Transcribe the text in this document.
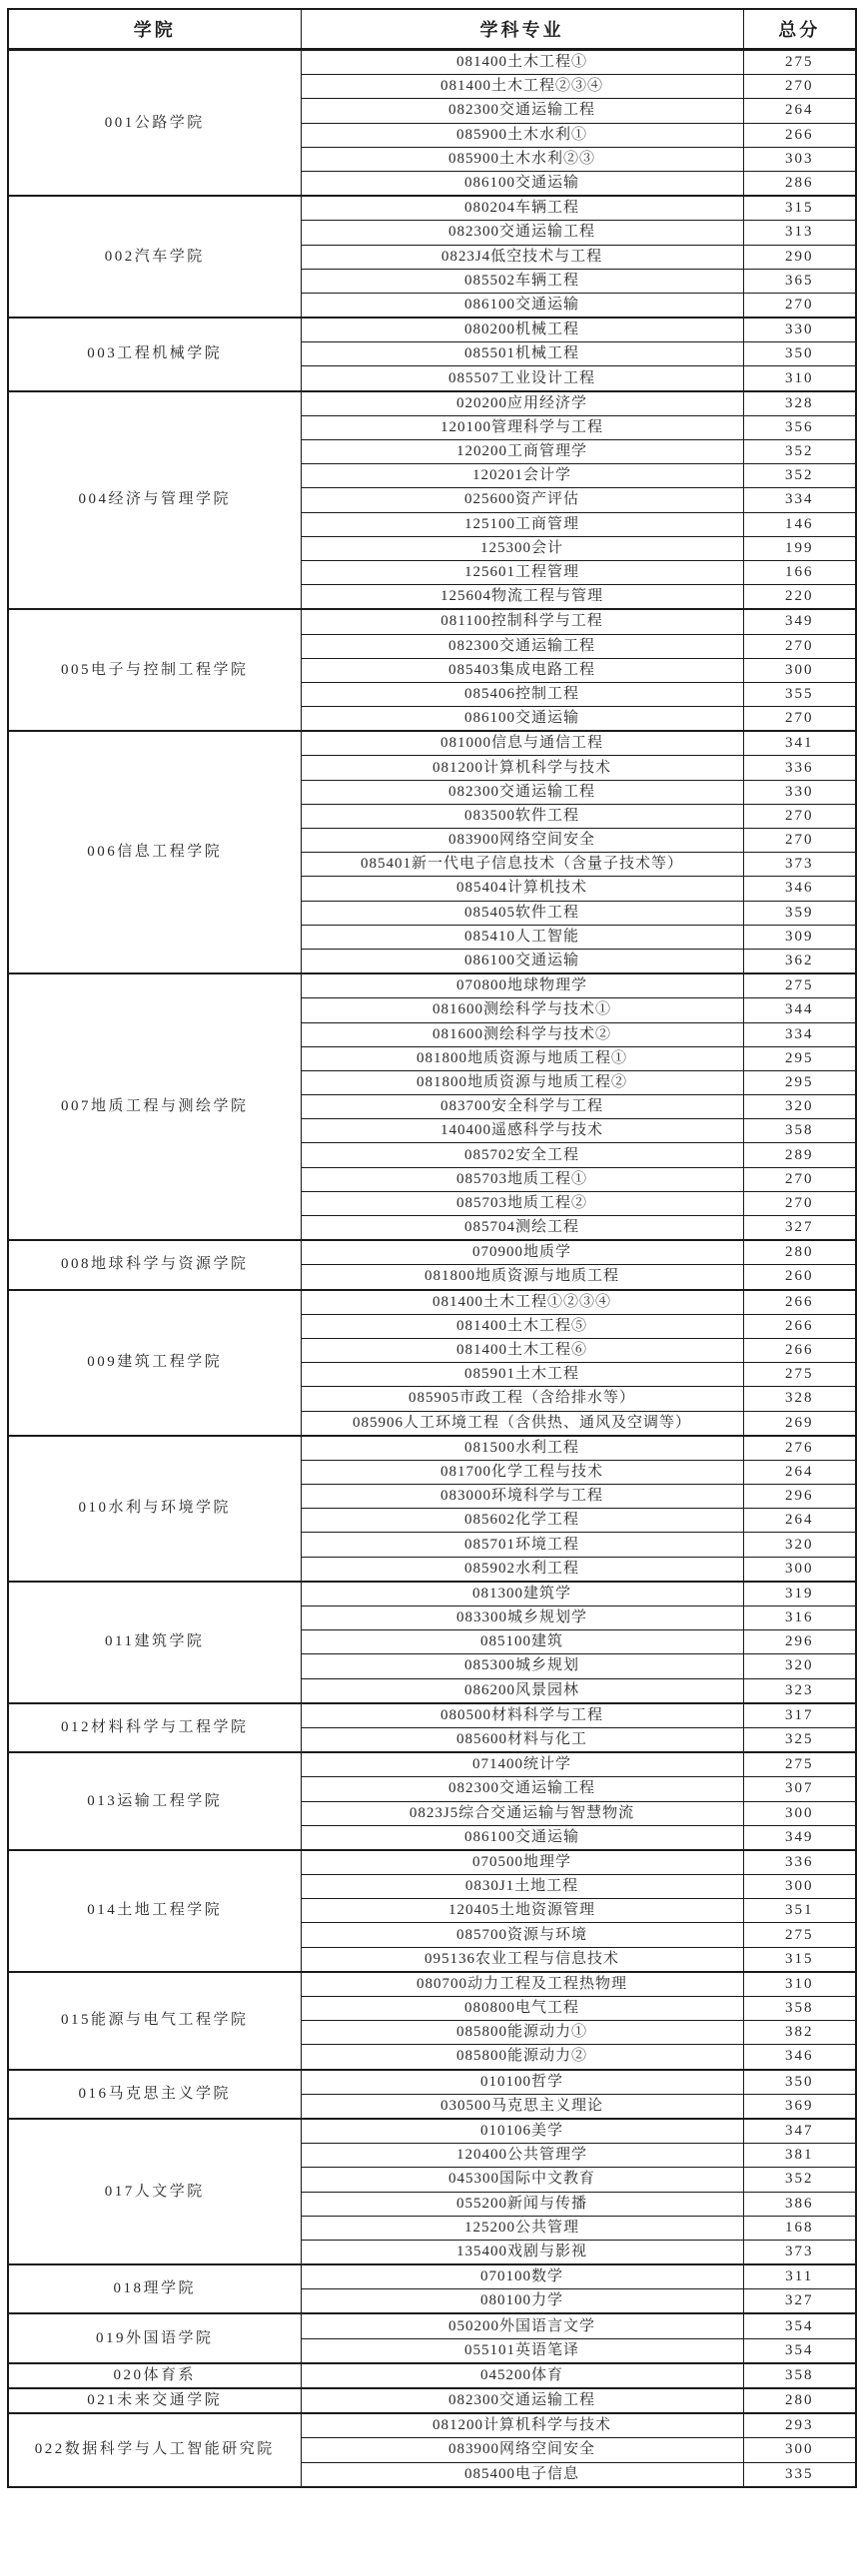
学院	学科专业	总分
001公路学院	081400土木工程①	275
	081400土木工程②③④	270
	082300交通运输工程	264
	085900土木水利①	266
	085900土木水利②③	303
	086100交通运输	286
002汽车学院	080204车辆工程	315
	082300交通运输工程	313
	0823J4低空技术与工程	290
	085502车辆工程	365
	086100交通运输	270
003工程机械学院	080200机械工程	330
	085501机械工程	350
	085507工业设计工程	310
004经济与管理学院	020200应用经济学	328
	120100管理科学与工程	356
	120200工商管理学	352
	120201会计学	352
	025600资产评估	334
	125100工商管理	146
	125300会计	199
	125601工程管理	166
	125604物流工程与管理	220
005电子与控制工程学院	081100控制科学与工程	349
	082300交通运输工程	270
	085403集成电路工程	300
	085406控制工程	355
	086100交通运输	270
006信息工程学院	081000信息与通信工程	341
	081200计算机科学与技术	336
	082300交通运输工程	330
	083500软件工程	270
	083900网络空间安全	270
	085401新一代电子信息技术（含量子技术等）	373
	085404计算机技术	346
	085405软件工程	359
	085410人工智能	309
	086100交通运输	362
007地质工程与测绘学院	070800地球物理学	275
	081600测绘科学与技术①	344
	081600测绘科学与技术②	334
	081800地质资源与地质工程①	295
	081800地质资源与地质工程②	295
	083700安全科学与工程	320
	140400遥感科学与技术	358
	085702安全工程	289
	085703地质工程①	270
	085703地质工程②	270
	085704测绘工程	327
008地球科学与资源学院	070900地质学	280
	081800地质资源与地质工程	260
009建筑工程学院	081400土木工程①②③④	266
	081400土木工程⑤	266
	081400土木工程⑥	266
	085901土木工程	275
	085905市政工程（含给排水等）	328
	085906人工环境工程（含供热、通风及空调等）	269
010水利与环境学院	081500水利工程	276
	081700化学工程与技术	264
	083000环境科学与工程	296
	085602化学工程	264
	085701环境工程	320
	085902水利工程	300
011建筑学院	081300建筑学	319
	083300城乡规划学	316
	085100建筑	296
	085300城乡规划	320
	086200风景园林	323
012材料科学与工程学院	080500材料科学与工程	317
	085600材料与化工	325
013运输工程学院	071400统计学	275
	082300交通运输工程	307
	0823J5综合交通运输与智慧物流	300
	086100交通运输	349
014土地工程学院	070500地理学	336
	0830J1土地工程	300
	120405土地资源管理	351
	085700资源与环境	275
	095136农业工程与信息技术	315
015能源与电气工程学院	080700动力工程及工程热物理	310
	080800电气工程	358
	085800能源动力①	382
	085800能源动力②	346
016马克思主义学院	010100哲学	350
	030500马克思主义理论	369
017人文学院	010106美学	347
	120400公共管理学	381
	045300国际中文教育	352
	055200新闻与传播	386
	125200公共管理	168
	135400戏剧与影视	373
018理学院	070100数学	311
	080100力学	327
019外国语学院	050200外国语言文学	354
	055101英语笔译	354
020体育系	045200体育	358
021未来交通学院	082300交通运输工程	280
022数据科学与人工智能研究院	081200计算机科学与技术	293
	083900网络空间安全	300
	085400电子信息	335
